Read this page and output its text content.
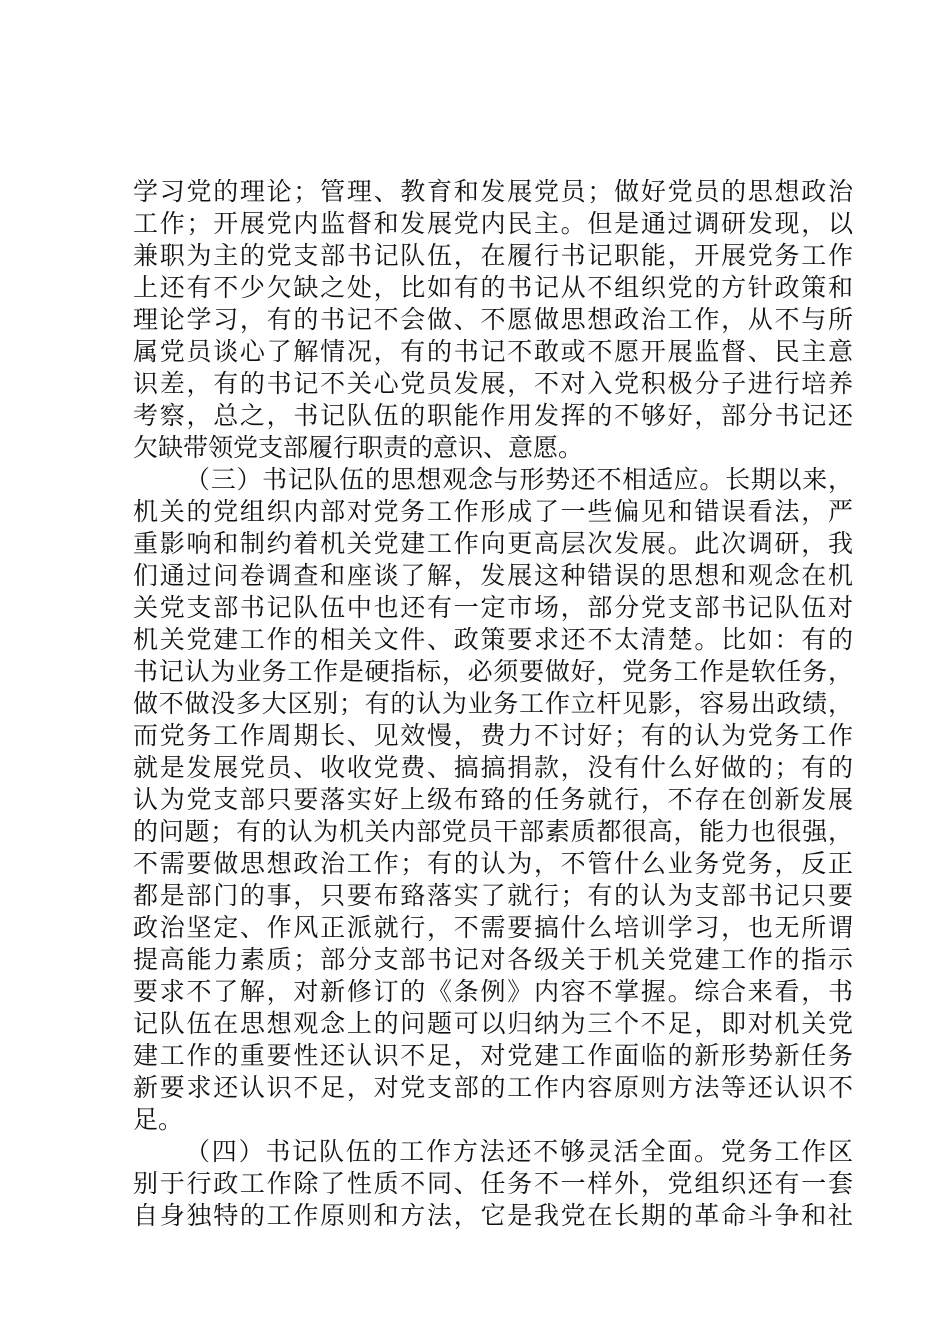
学习党的理论；管理、教育和发展党员；做好党员的思想政治
工作；开展党内监督和发展党内民主。但是通过调研发现，以
兼职为主的党支部书记队伍，在履行书记职能，开展党务工作
上还有不少欠缺之处，比如有的书记从不组织党的方针政策和
理论学习，有的书记不会做、不愿做思想政治工作，从不与所
属党员谈心了解情况，有的书记不敢或不愿开展监督、民主意
识差，有的书记不关心党员发展，不对入党积极分子进行培养
考察，总之，书记队伍的职能作用发挥的不够好，部分书记还
欠缺带领党支部履行职责的意识、意愿。
（三）书记队伍的思想观念与形势还不相适应。长期以来，
机关的党组织内部对党务工作形成了一些偏见和错误看法，严
重影响和制约着机关党建工作向更高层次发展。此次调研，我
们通过问卷调查和座谈了解，发展这种错误的思想和观念在机
关党支部书记队伍中也还有一定市场，部分党支部书记队伍对
机关党建工作的相关文件、政策要求还不太清楚。比如：有的
书记认为业务工作是硬指标，必须要做好，党务工作是软任务，
做不做没多大区别；有的认为业务工作立杆见影，容易出政绩，
而党务工作周期长、见效慢，费力不讨好；有的认为党务工作
就是发展党员、收收党费、搞搞捐款，没有什么好做的；有的
认为党支部只要落实好上级布臵的任务就行，不存在创新发展
的问题；有的认为机关内部党员干部素质都很高，能力也很强，
不需要做思想政治工作；有的认为，不管什么业务党务，反正
都是部门的事，只要布臵落实了就行；有的认为支部书记只要
政治坚定、作风正派就行，不需要搞什么培训学习，也无所谓
提高能力素质；部分支部书记对各级关于机关党建工作的指示
要求不了解，对新修订的《条例》内容不掌握。综合来看，书
记队伍在思想观念上的问题可以归纳为三个不足，即对机关党
建工作的重要性还认识不足，对党建工作面临的新形势新任务
新要求还认识不足，对党支部的工作内容原则方法等还认识不
足。
（四）书记队伍的工作方法还不够灵活全面。党务工作区
别于行政工作除了性质不同、任务不一样外，党组织还有一套
自身独特的工作原则和方法，它是我党在长期的革命斗争和社
